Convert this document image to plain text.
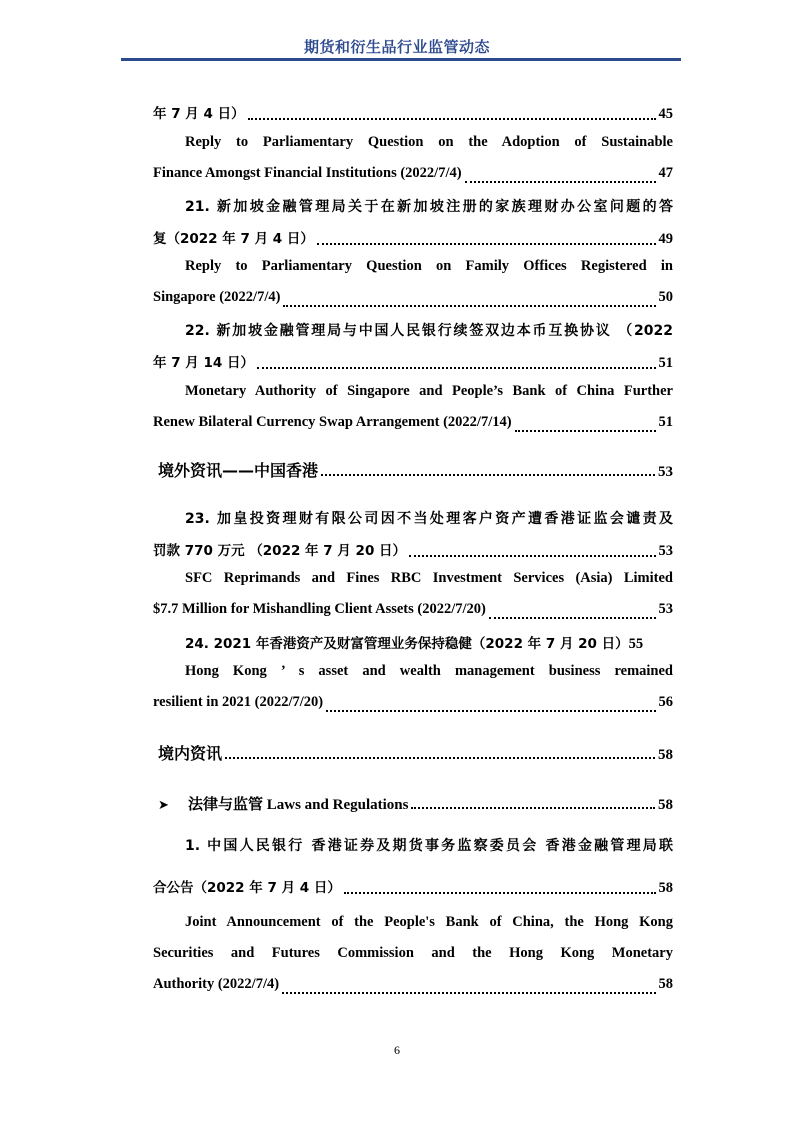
期货和衍生品行业监管动态
年 7 月 4 日）	45
Reply to Parliamentary Question on the Adoption of Sustainable
Finance Amongst Financial Institutions (2022/7/4)	47
21. 新加坡金融管理局关于在新加坡注册的家族理财办公室问题的答
复（2022 年 7 月 4 日）	49
Reply to Parliamentary Question on Family Offices Registered in
Singapore (2022/7/4)	50
22. 新加坡金融管理局与中国人民银行续签双边本币互换协议 （2022
年 7 月 14 日）	51
Monetary Authority of Singapore and People’s Bank of China Further
Renew Bilateral Currency Swap Arrangement (2022/7/14)	51
境外资讯——中国香港	53
23. 加皇投资理财有限公司因不当处理客户资产遭香港证监会谴责及
罚款 770 万元 （2022 年 7 月 20 日）	53
SFC Reprimands and Fines RBC Investment Services (Asia) Limited
$7.7 Million for Mishandling Client Assets (2022/7/20)	53
24. 2021 年香港资产及财富管理业务保持稳健（2022 年 7 月 20 日） 55
Hong Kong ’ s asset and wealth management business remained
resilient in 2021 (2022/7/20)	56
境内资讯	58
➤	法律与监管 Laws and Regulations	58
1. 中国人民银行 香港证券及期货事务监察委员会 香港金融管理局联
合公告（2022 年 7 月 4 日）	58
Joint Announcement of the People's Bank of China, the Hong Kong
Securities and Futures Commission and the Hong Kong Monetary
Authority (2022/7/4)	58
6
